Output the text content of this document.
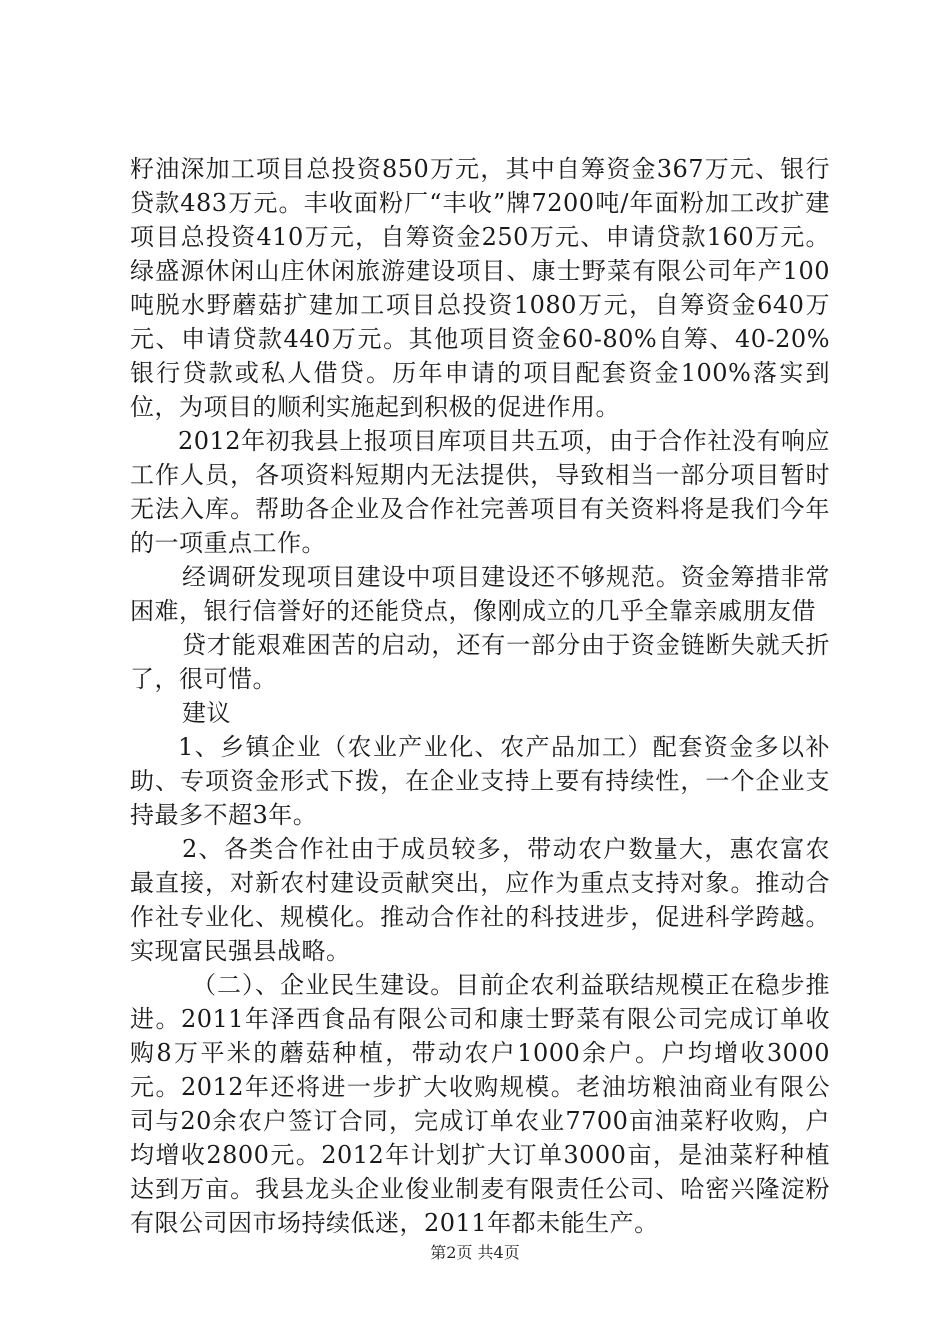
籽油深加工项目总投资850万元，其中自筹资金367万元、银行贷款483万元。丰收面粉厂“丰收”牌7200吨/年面粉加工改扩建项目总投资410万元，自筹资金250万元、申请贷款160万元。绿盛源休闲山庄休闲旅游建设项目、康士野菜有限公司年产100吨脱水野蘑菇扩建加工项目总投资1080万元，自筹资金640万元、申请贷款440万元。其他项目资金60-80%自筹、40-20%银行贷款或私人借贷。历年申请的项目配套资金100%落实到位，为项目的顺利实施起到积极的促进作用。

2012年初我县上报项目库项目共五项，由于合作社没有响应工作人员，各项资料短期内无法提供，导致相当一部分项目暂时无法入库。帮助各企业及合作社完善项目有关资料将是我们今年的一项重点工作。

经调研发现项目建设中项目建设还不够规范。资金筹措非常困难，银行信誉好的还能贷点，像刚成立的几乎全靠亲戚朋友借

贷才能艰难困苦的启动，还有一部分由于资金链断失就夭折了，很可惜。

建议

1、乡镇企业（农业产业化、农产品加工）配套资金多以补助、专项资金形式下拨，在企业支持上要有持续性，一个企业支持最多不超3年。

2、各类合作社由于成员较多，带动农户数量大，惠农富农最直接，对新农村建设贡献突出，应作为重点支持对象。推动合作社专业化、规模化。推动合作社的科技进步，促进科学跨越。实现富民强县战略。

（二）、企业民生建设。目前企农利益联结规模正在稳步推进。2011年泽西食品有限公司和康士野菜有限公司完成订单收购8万平米的蘑菇种植，带动农户1000余户。户均增收3000元。2012年还将进一步扩大收购规模。老油坊粮油商业有限公司与20余农户签订合同，完成订单农业7700亩油菜籽收购，户均增收2800元。2012年计划扩大订单3000亩，是油菜籽种植达到万亩。我县龙头企业俊业制麦有限责任公司、哈密兴隆淀粉有限公司因市场持续低迷，2011年都未能生产。

第2页 共4页
